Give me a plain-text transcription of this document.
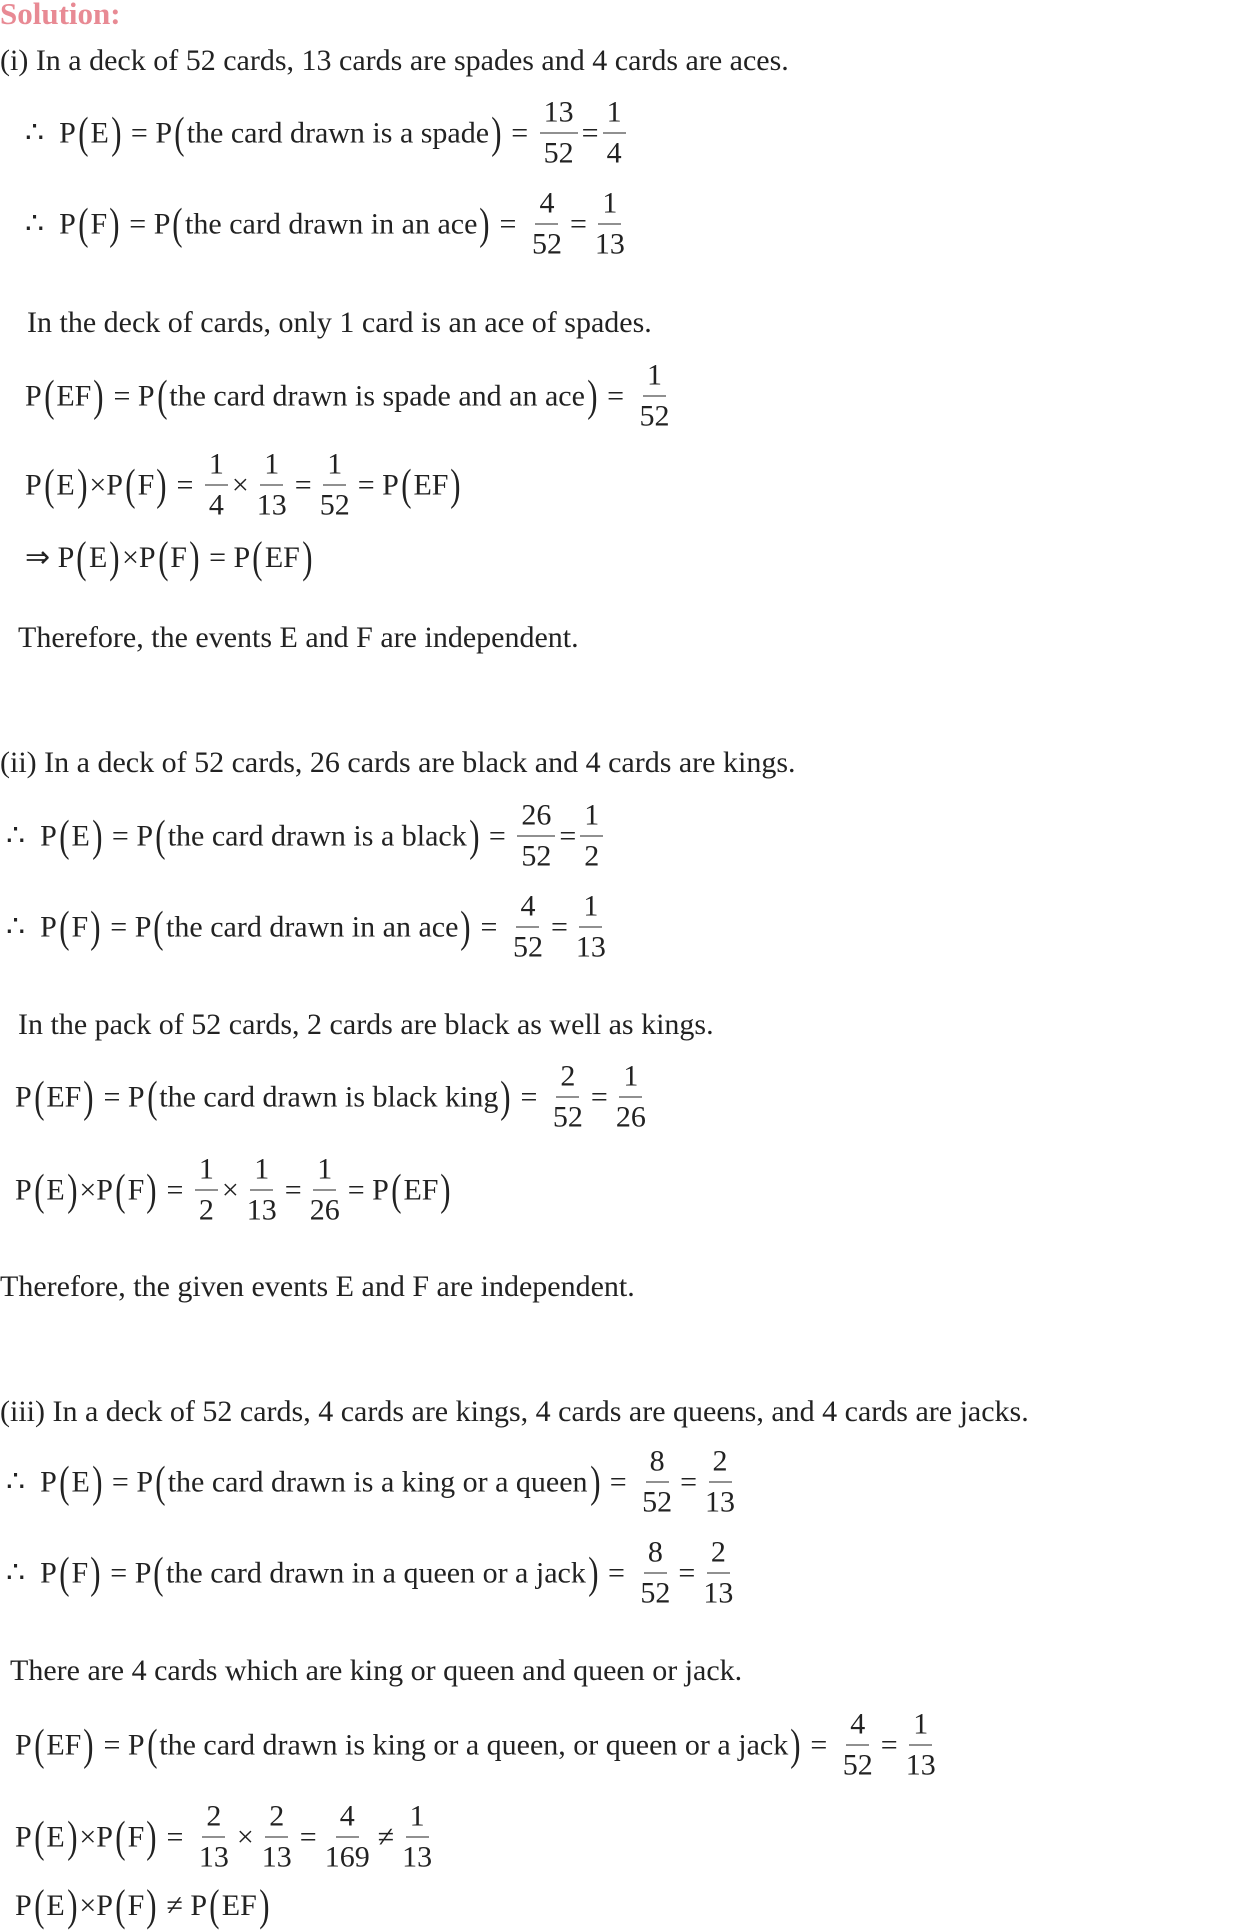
Solution:
(i) In a deck of 52 cards, 13 cards are spades and 4 cards are aces.
∴  P ( E ) = P ( the card drawn is a spade ) = $\frac{13}{52} = \frac{1}{4}$
∴  P ( F ) = P ( the card drawn in an ace ) = $\frac{4}{52} = \frac{1}{13}$
In the deck of cards, only 1 card is an ace of spades.
P ( EF ) = P ( the card drawn is spade and an ace ) = $\frac{1}{52}$
P ( E ) ×P ( F ) = $\frac{1}{4} \times \frac{1}{13} = \frac{1}{52} = P$ ( EF )
⇒ P ( E ) ×P ( F ) = P ( EF )
Therefore, the events E and F are independent.
(ii) In a deck of 52 cards, 26 cards are black and 4 cards are kings.
∴  P ( E ) = P ( the card drawn is a black ) = $\frac{26}{52} = \frac{1}{2}$
∴  P ( F ) = P ( the card drawn in an ace ) = $\frac{4}{52} = \frac{1}{13}$
In the pack of 52 cards, 2 cards are black as well as kings.
P ( EF ) = P ( the card drawn is black king ) = $\frac{2}{52} = \frac{1}{26}$
P ( E ) ×P ( F ) = $\frac{1}{2} \times \frac{1}{13} = \frac{1}{26} = P$ ( EF )
Therefore, the given events E and F are independent.
(iii) In a deck of 52 cards, 4 cards are kings, 4 cards are queens, and 4 cards are jacks.
∴  P ( E ) = P ( the card drawn is a king or a queen ) = $\frac{8}{52} = \frac{2}{13}$
∴  P ( F ) = P ( the card drawn in a queen or a jack ) = $\frac{8}{52} = \frac{2}{13}$
There are 4 cards which are king or queen and queen or jack.
P ( EF ) = P ( the card drawn is king or a queen, or queen or a jack ) = $\frac{4}{52} = \frac{1}{13}$
P ( E ) ×P ( F ) = $\frac{2}{13} \times \frac{2}{13} = \frac{4}{169} \ne \frac{1}{13}$
P ( E ) ×P ( F ) ≠ P ( EF )
